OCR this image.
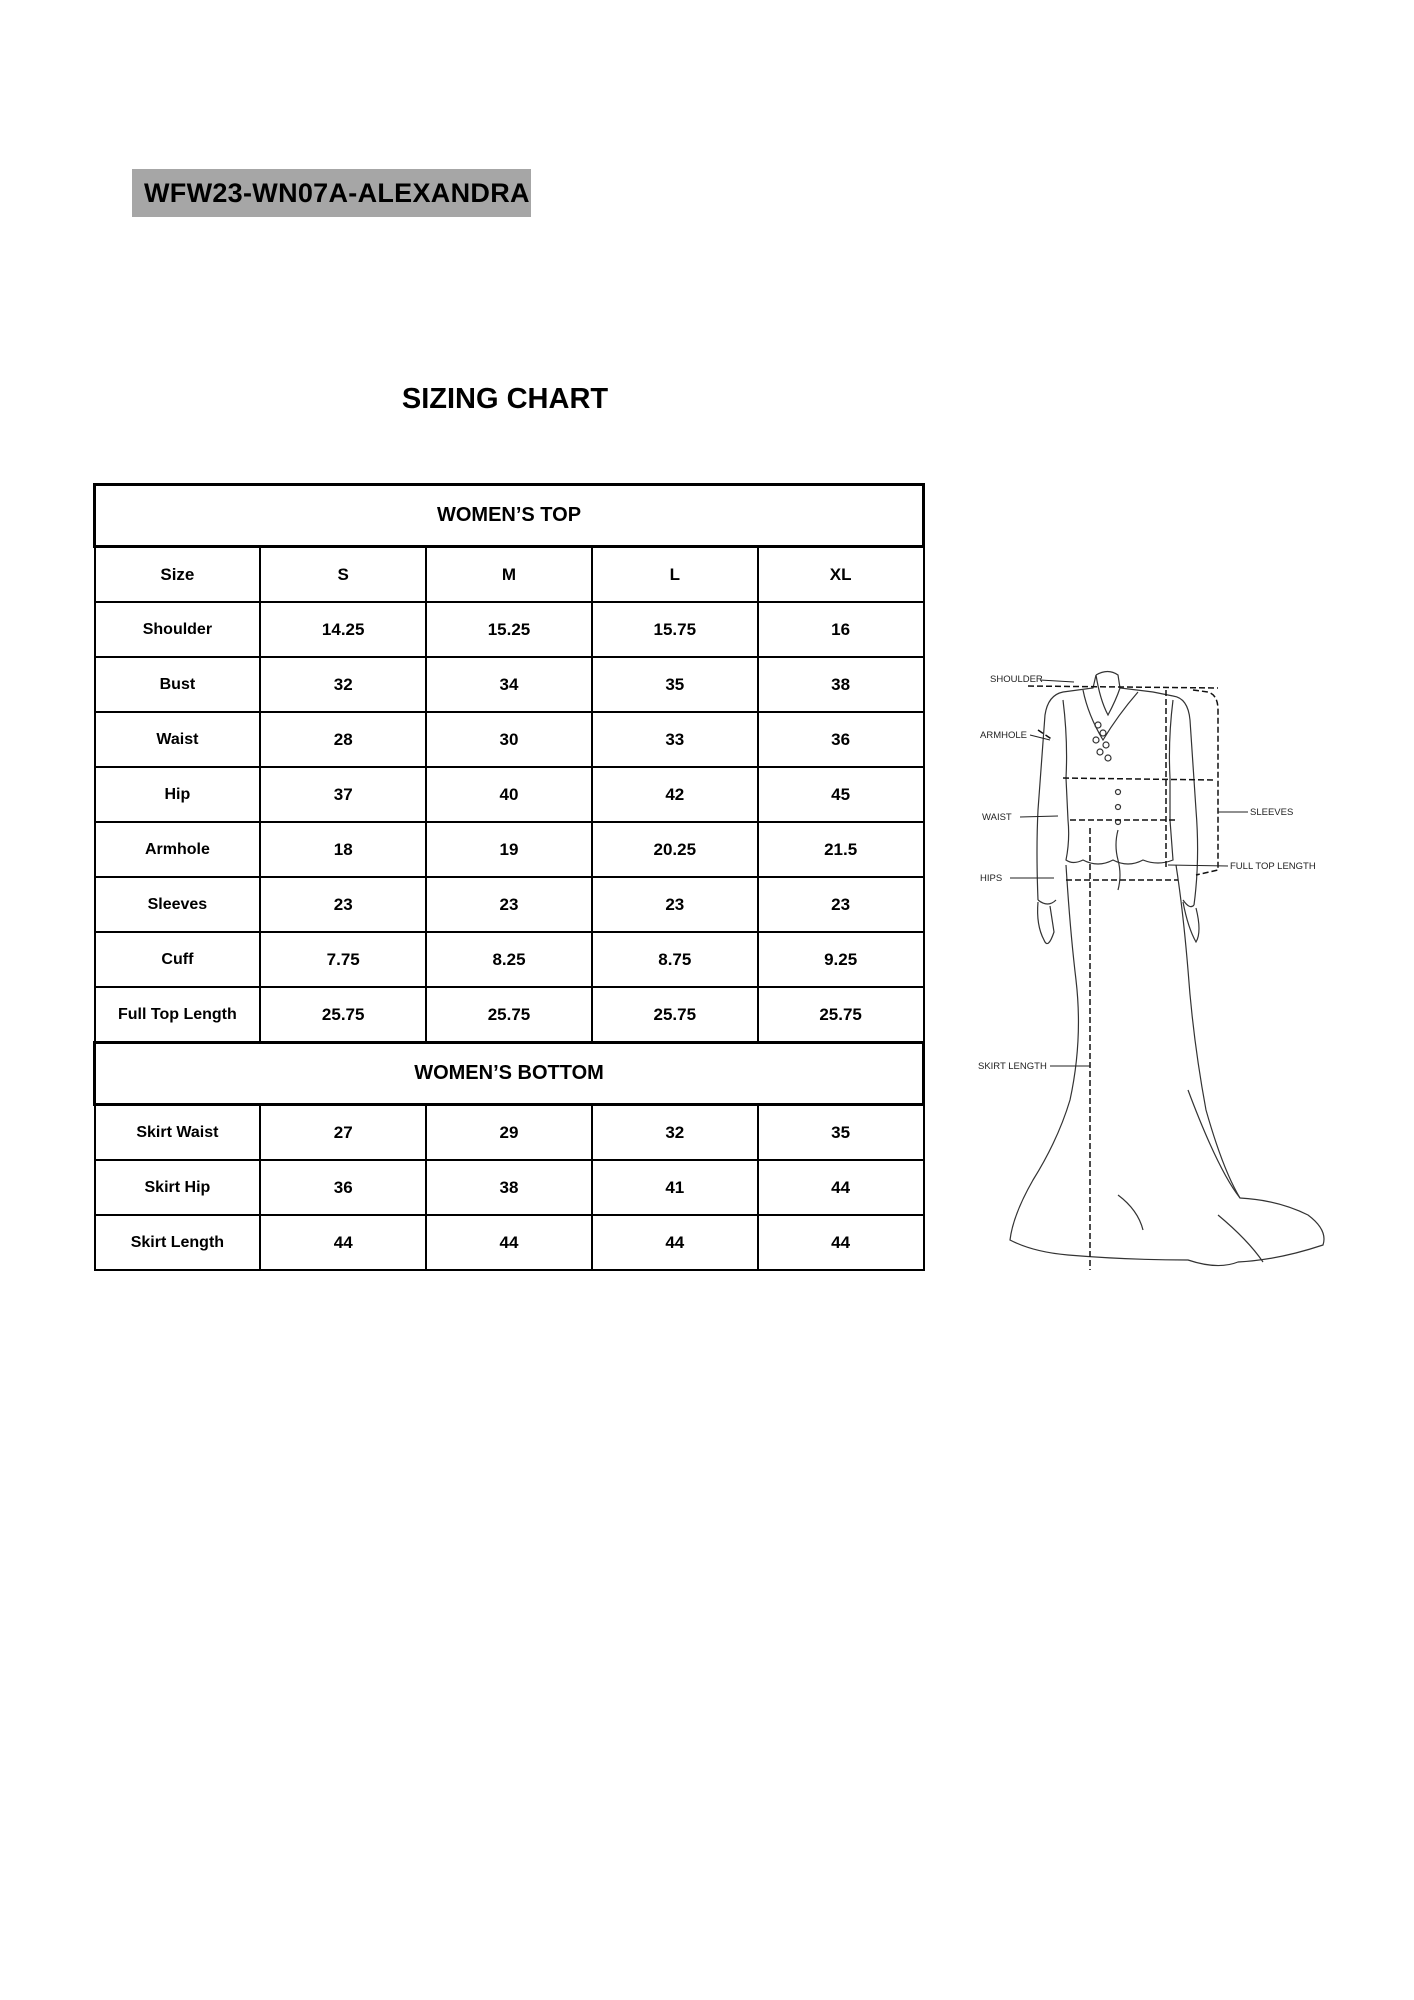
WFW23-WN07A-ALEXANDRA
SIZING CHART
WOMEN’S TOP				
Size	S	M	L	XL
Shoulder	14.25	15.25	15.75	16
Bust	32	34	35	38
Waist	28	30	33	36
Hip	37	40	42	45
Armhole	18	19	20.25	21.5
Sleeves	23	23	23	23
Cuff	7.75	8.25	8.75	9.25
Full Top Length	25.75	25.75	25.75	25.75
WOMEN’S BOTTOM				
Skirt Waist	27	29	32	35
Skirt Hip	36	38	41	44
Skirt Length	44	44	44	44
SHOULDER
ARMHOLE
WAIST
HIPS
SLEEVES
FULL TOP LENGTH
SKIRT LENGTH
